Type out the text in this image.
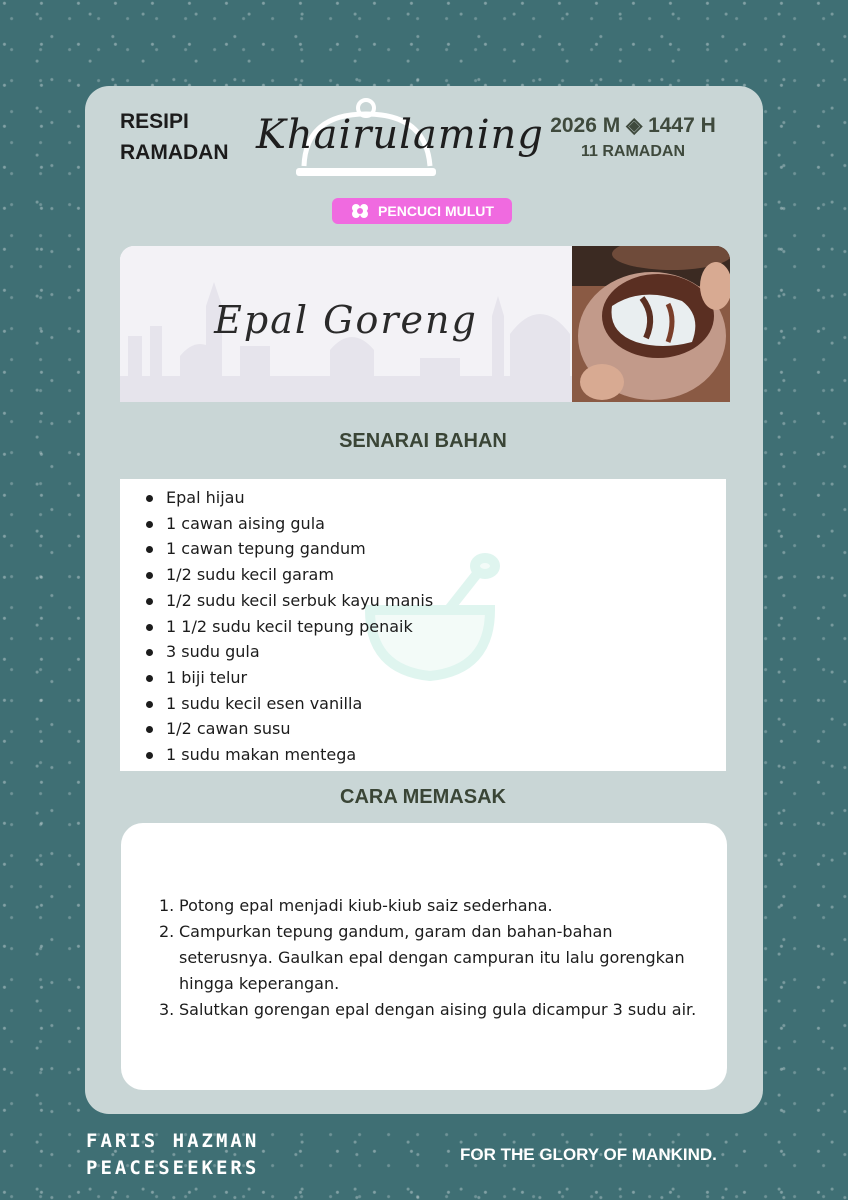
RESIPI
RAMADAN Khairulaming 2026 M ◈ 1447 H
11 RAMADAN
PENCUCI MULUT
Epal Goreng
SENARAI BAHAN
Epal hijau
1 cawan aising gula
1 cawan tepung gandum
1/2 sudu kecil garam
1/2 sudu kecil serbuk kayu manis
1 1/2 sudu kecil tepung penaik
3 sudu gula
1 biji telur
1 sudu kecil esen vanilla
1/2 cawan susu
1 sudu makan mentega
CARA MEMASAK
1. Potong epal menjadi kiub-kiub saiz sederhana.
2. Campurkan tepung gandum, garam dan bahan-bahan seterusnya. Gaulkan epal dengan campuran itu lalu gorengkan hingga keperangan.
3. Salutkan gorengan epal dengan aising gula dicampur 3 sudu air.
FARIS HAZMAN
PEACESEEKERS
FOR THE GLORY OF MANKIND.
